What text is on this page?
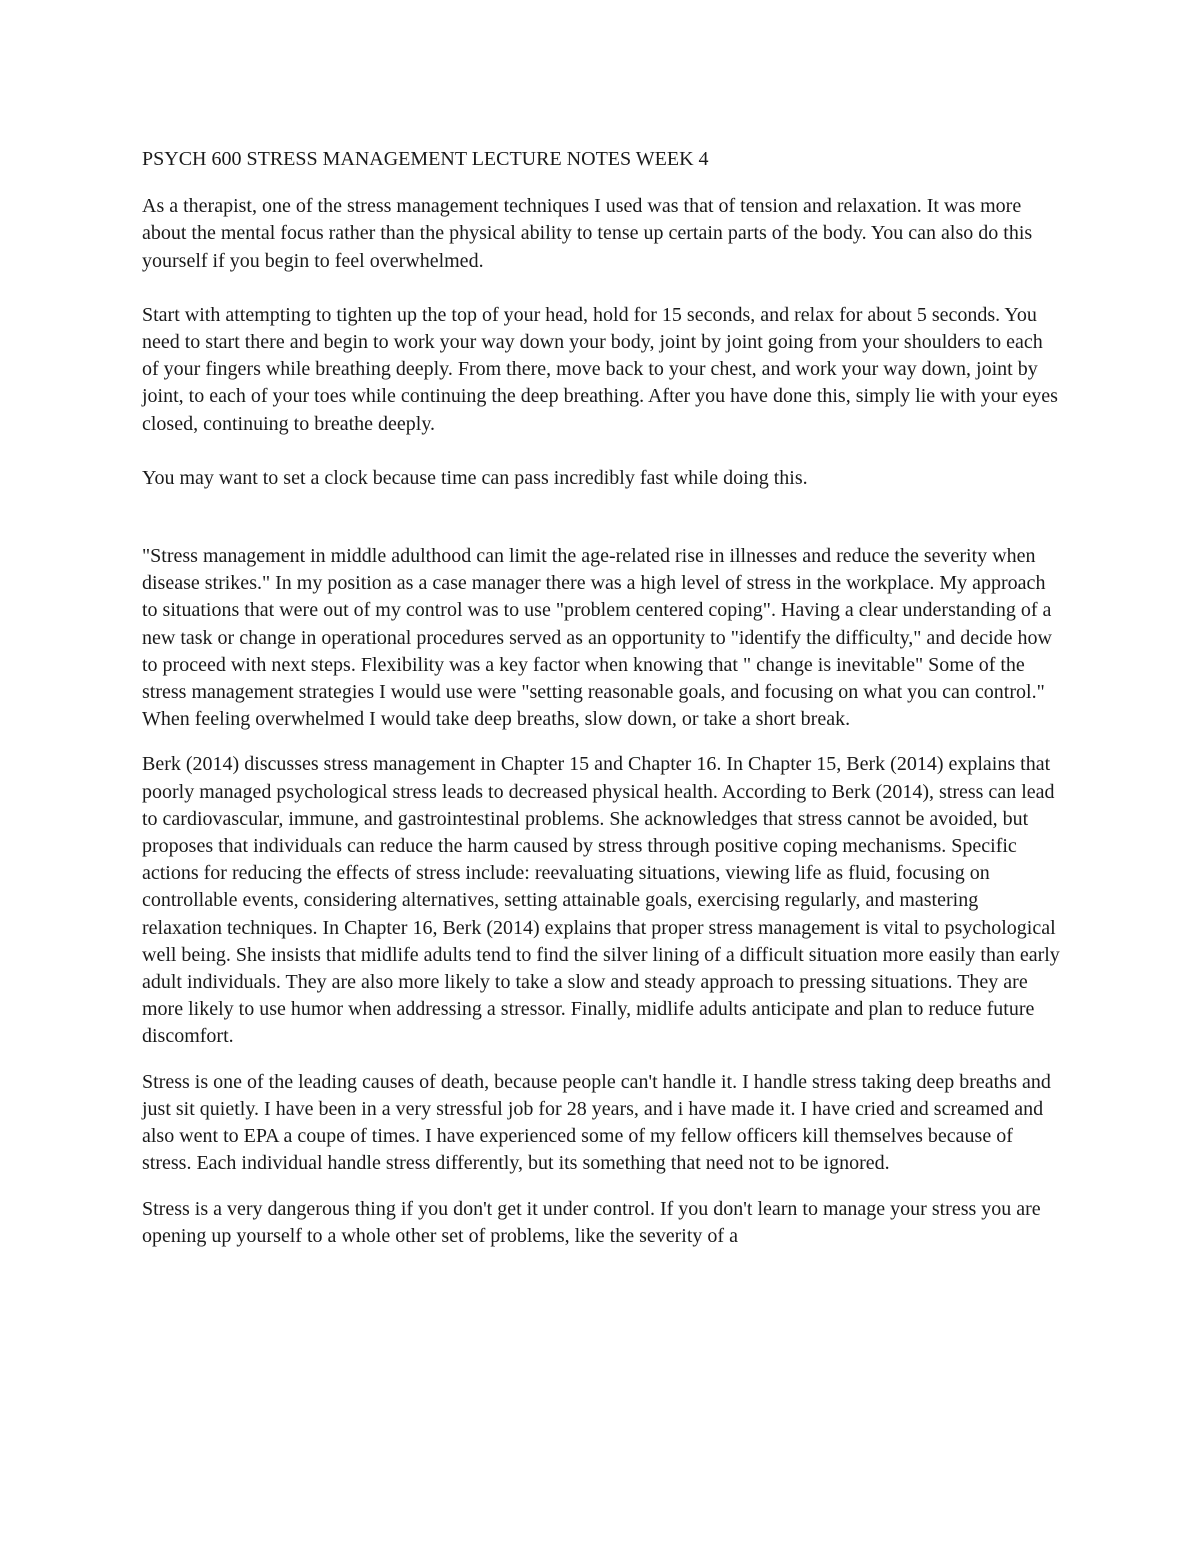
PSYCH 600 STRESS MANAGEMENT LECTURE NOTES WEEK 4

As a therapist, one of the stress management techniques I used was that of tension and relaxation. It was more about the mental focus rather than the physical ability to tense up certain parts of the body. You can also do this yourself if you begin to feel overwhelmed.

Start with attempting to tighten up the top of your head, hold for 15 seconds, and relax for about 5 seconds. You need to start there and begin to work your way down your body, joint by joint going from your shoulders to each of your fingers while breathing deeply. From there, move back to your chest, and work your way down, joint by joint, to each of your toes while continuing the deep breathing. After you have done this, simply lie with your eyes closed, continuing to breathe deeply.

You may want to set a clock because time can pass incredibly fast while doing this.

"Stress management in middle adulthood can limit the age-related rise in illnesses and reduce the severity when disease strikes." In my position as a case manager there was a high level of stress in the workplace. My approach to situations that were out of my control was to use "problem centered coping". Having a clear understanding of a new task or change in operational procedures served as an opportunity to "identify the difficulty," and decide how to proceed with next steps. Flexibility was a key factor when knowing that " change is inevitable" Some of the stress management strategies I would use were "setting reasonable goals, and focusing on what you can control." When feeling overwhelmed I would take deep breaths, slow down, or take a short break.

Berk (2014) discusses stress management in Chapter 15 and Chapter 16. In Chapter 15, Berk (2014) explains that poorly managed psychological stress leads to decreased physical health. According to Berk (2014), stress can lead to cardiovascular, immune, and gastrointestinal problems. She acknowledges that stress cannot be avoided, but proposes that individuals can reduce the harm caused by stress through positive coping mechanisms. Specific actions for reducing the effects of stress include: reevaluating situations, viewing life as fluid, focusing on controllable events, considering alternatives, setting attainable goals, exercising regularly, and mastering relaxation techniques. In Chapter 16, Berk (2014) explains that proper stress management is vital to psychological well being. She insists that midlife adults tend to find the silver lining of a difficult situation more easily than early adult individuals. They are also more likely to take a slow and steady approach to pressing situations. They are more likely to use humor when addressing a stressor. Finally, midlife adults anticipate and plan to reduce future discomfort.

Stress is one of the leading causes of death, because people can't handle it. I handle stress taking deep breaths and just sit quietly. I have been in a very stressful job for 28 years, and i have made it. I have cried and screamed and also went to EPA a coupe of times. I have experienced some of my fellow officers kill themselves because of stress. Each individual handle stress differently, but its something that need not to be ignored.

Stress is a very dangerous thing if you don't get it under control. If you don't learn to manage your stress you are opening up yourself to a whole other set of problems, like the severity of a
